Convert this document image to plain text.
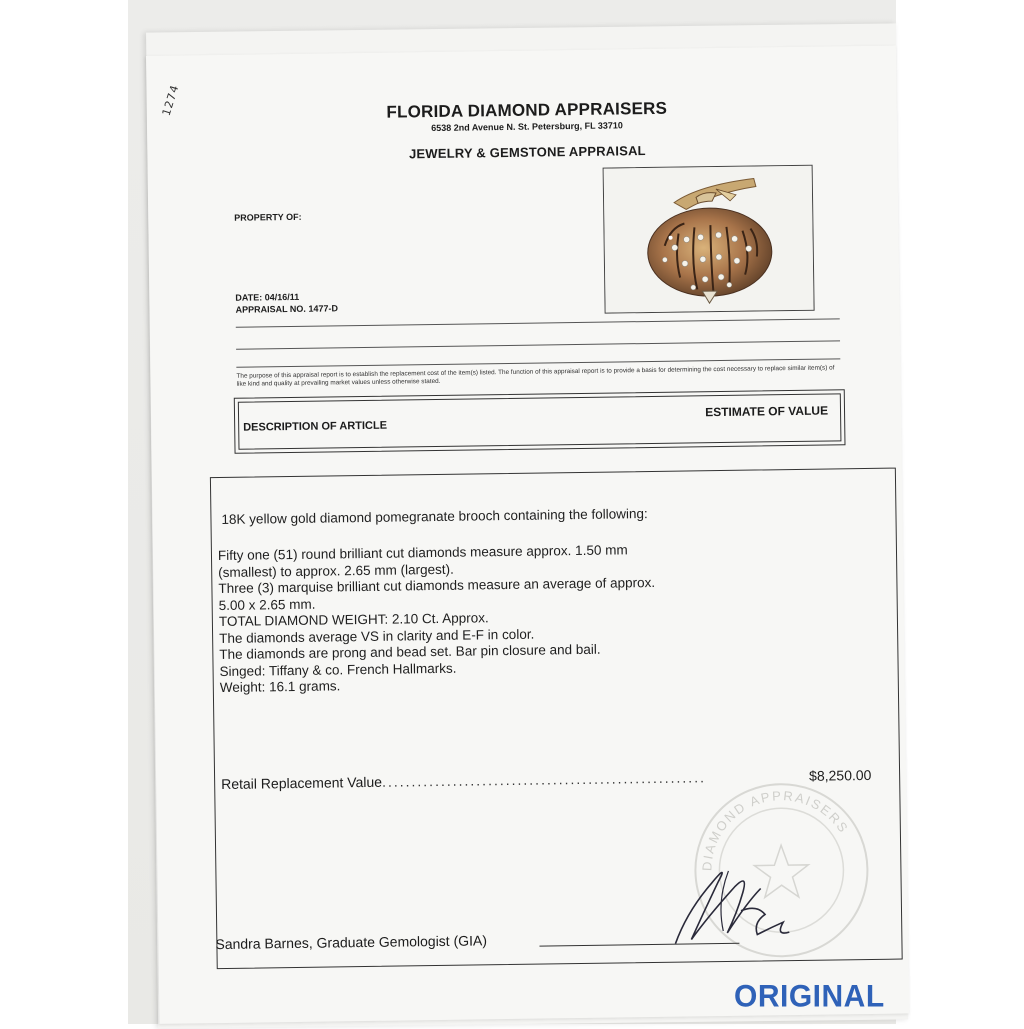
1274	FLORIDA DIAMOND APPRAISERS
6538 2nd Avenue N. St. Petersburg, FL 33710
JEWELRY & GEMSTONE APPRAISAL
PROPERTY OF:
DATE: 04/16/11
APPRAISAL NO. 1477-D
The purpose of this appraisal report is to establish the replacement cost of the item(s) listed. The function of this appraisal report is to provide a basis for determining the cost necessary to replace similar item(s) of like kind and quality at prevailing market values unless otherwise stated.
DESCRIPTION OF ARTICLE
ESTIMATE OF VALUE

18K yellow gold diamond pomegranate brooch containing the following:

Fifty one (51) round brilliant cut diamonds measure approx. 1.50 mm

(smallest) to approx. 2.65 mm (largest).

Three (3) marquise brilliant cut diamonds measure an average of approx.

5.00 x 2.65 mm.

TOTAL DIAMOND WEIGHT: 2.10 Ct. Approx.

The diamonds average VS in clarity and E-F in color.

The diamonds are prong and bead set. Bar pin closure and bail.

Singed: Tiffany & co. French Hallmarks.

Weight: 16.1 grams.

Retail Replacement Value.......................................................	$8,250.00
DIAMOND APPRAISERS
Sandra Barnes, Graduate Gemologist (GIA)
ORIGINAL
